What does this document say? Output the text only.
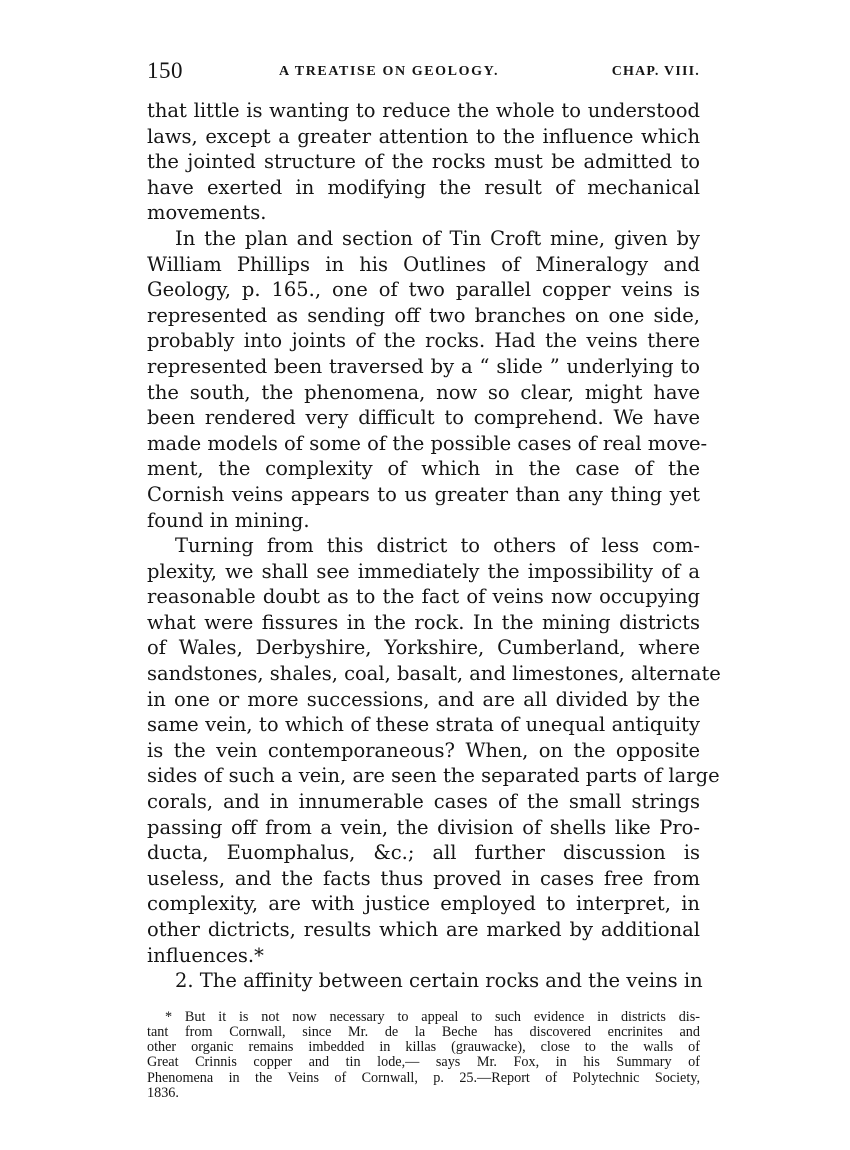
150	A TREATISE ON GEOLOGY.	CHAP. VIII.
that little is wanting to reduce the whole to understood
laws, except a greater attention to the influence which
the jointed structure of the rocks must be admitted to
have exerted in modifying the result of mechanical
movements.
In the plan and section of Tin Croft mine, given by
William Phillips in his Outlines of Mineralogy and
Geology, p. 165., one of two parallel copper veins is
represented as sending off two branches on one side,
probably into joints of the rocks. Had the veins there
represented been traversed by a “ slide ” underlying to
the south, the phenomena, now so clear, might have
been rendered very difficult to comprehend. We have
made models of some of the possible cases of real move-
ment, the complexity of which in the case of the
Cornish veins appears to us greater than any thing yet
found in mining.
Turning from this district to others of less com-
plexity, we shall see immediately the impossibility of a
reasonable doubt as to the fact of veins now occupying
what were fissures in the rock. In the mining districts
of Wales, Derbyshire, Yorkshire, Cumberland, where
sandstones, shales, coal, basalt, and limestones, alternate
in one or more successions, and are all divided by the
same vein, to which of these strata of unequal antiquity
is the vein contemporaneous? When, on the opposite
sides of such a vein, are seen the separated parts of large
corals, and in innumerable cases of the small strings
passing off from a vein, the division of shells like Pro-
ducta, Euomphalus, &c.; all further discussion is
useless, and the facts thus proved in cases free from
complexity, are with justice employed to interpret, in
other dictricts, results which are marked by additional
influences.*
2. The affinity between certain rocks and the veins in
* But it is not now necessary to appeal to such evidence in districts dis-
tant from Cornwall, since Mr. de la Beche has discovered encrinites and
other organic remains imbedded in killas (grauwacke), close to the walls of
Great Crinnis copper and tin lode,— says Mr. Fox, in his Summary of
Phenomena in the Veins of Cornwall, p. 25.—Report of Polytechnic Society,
1836.
